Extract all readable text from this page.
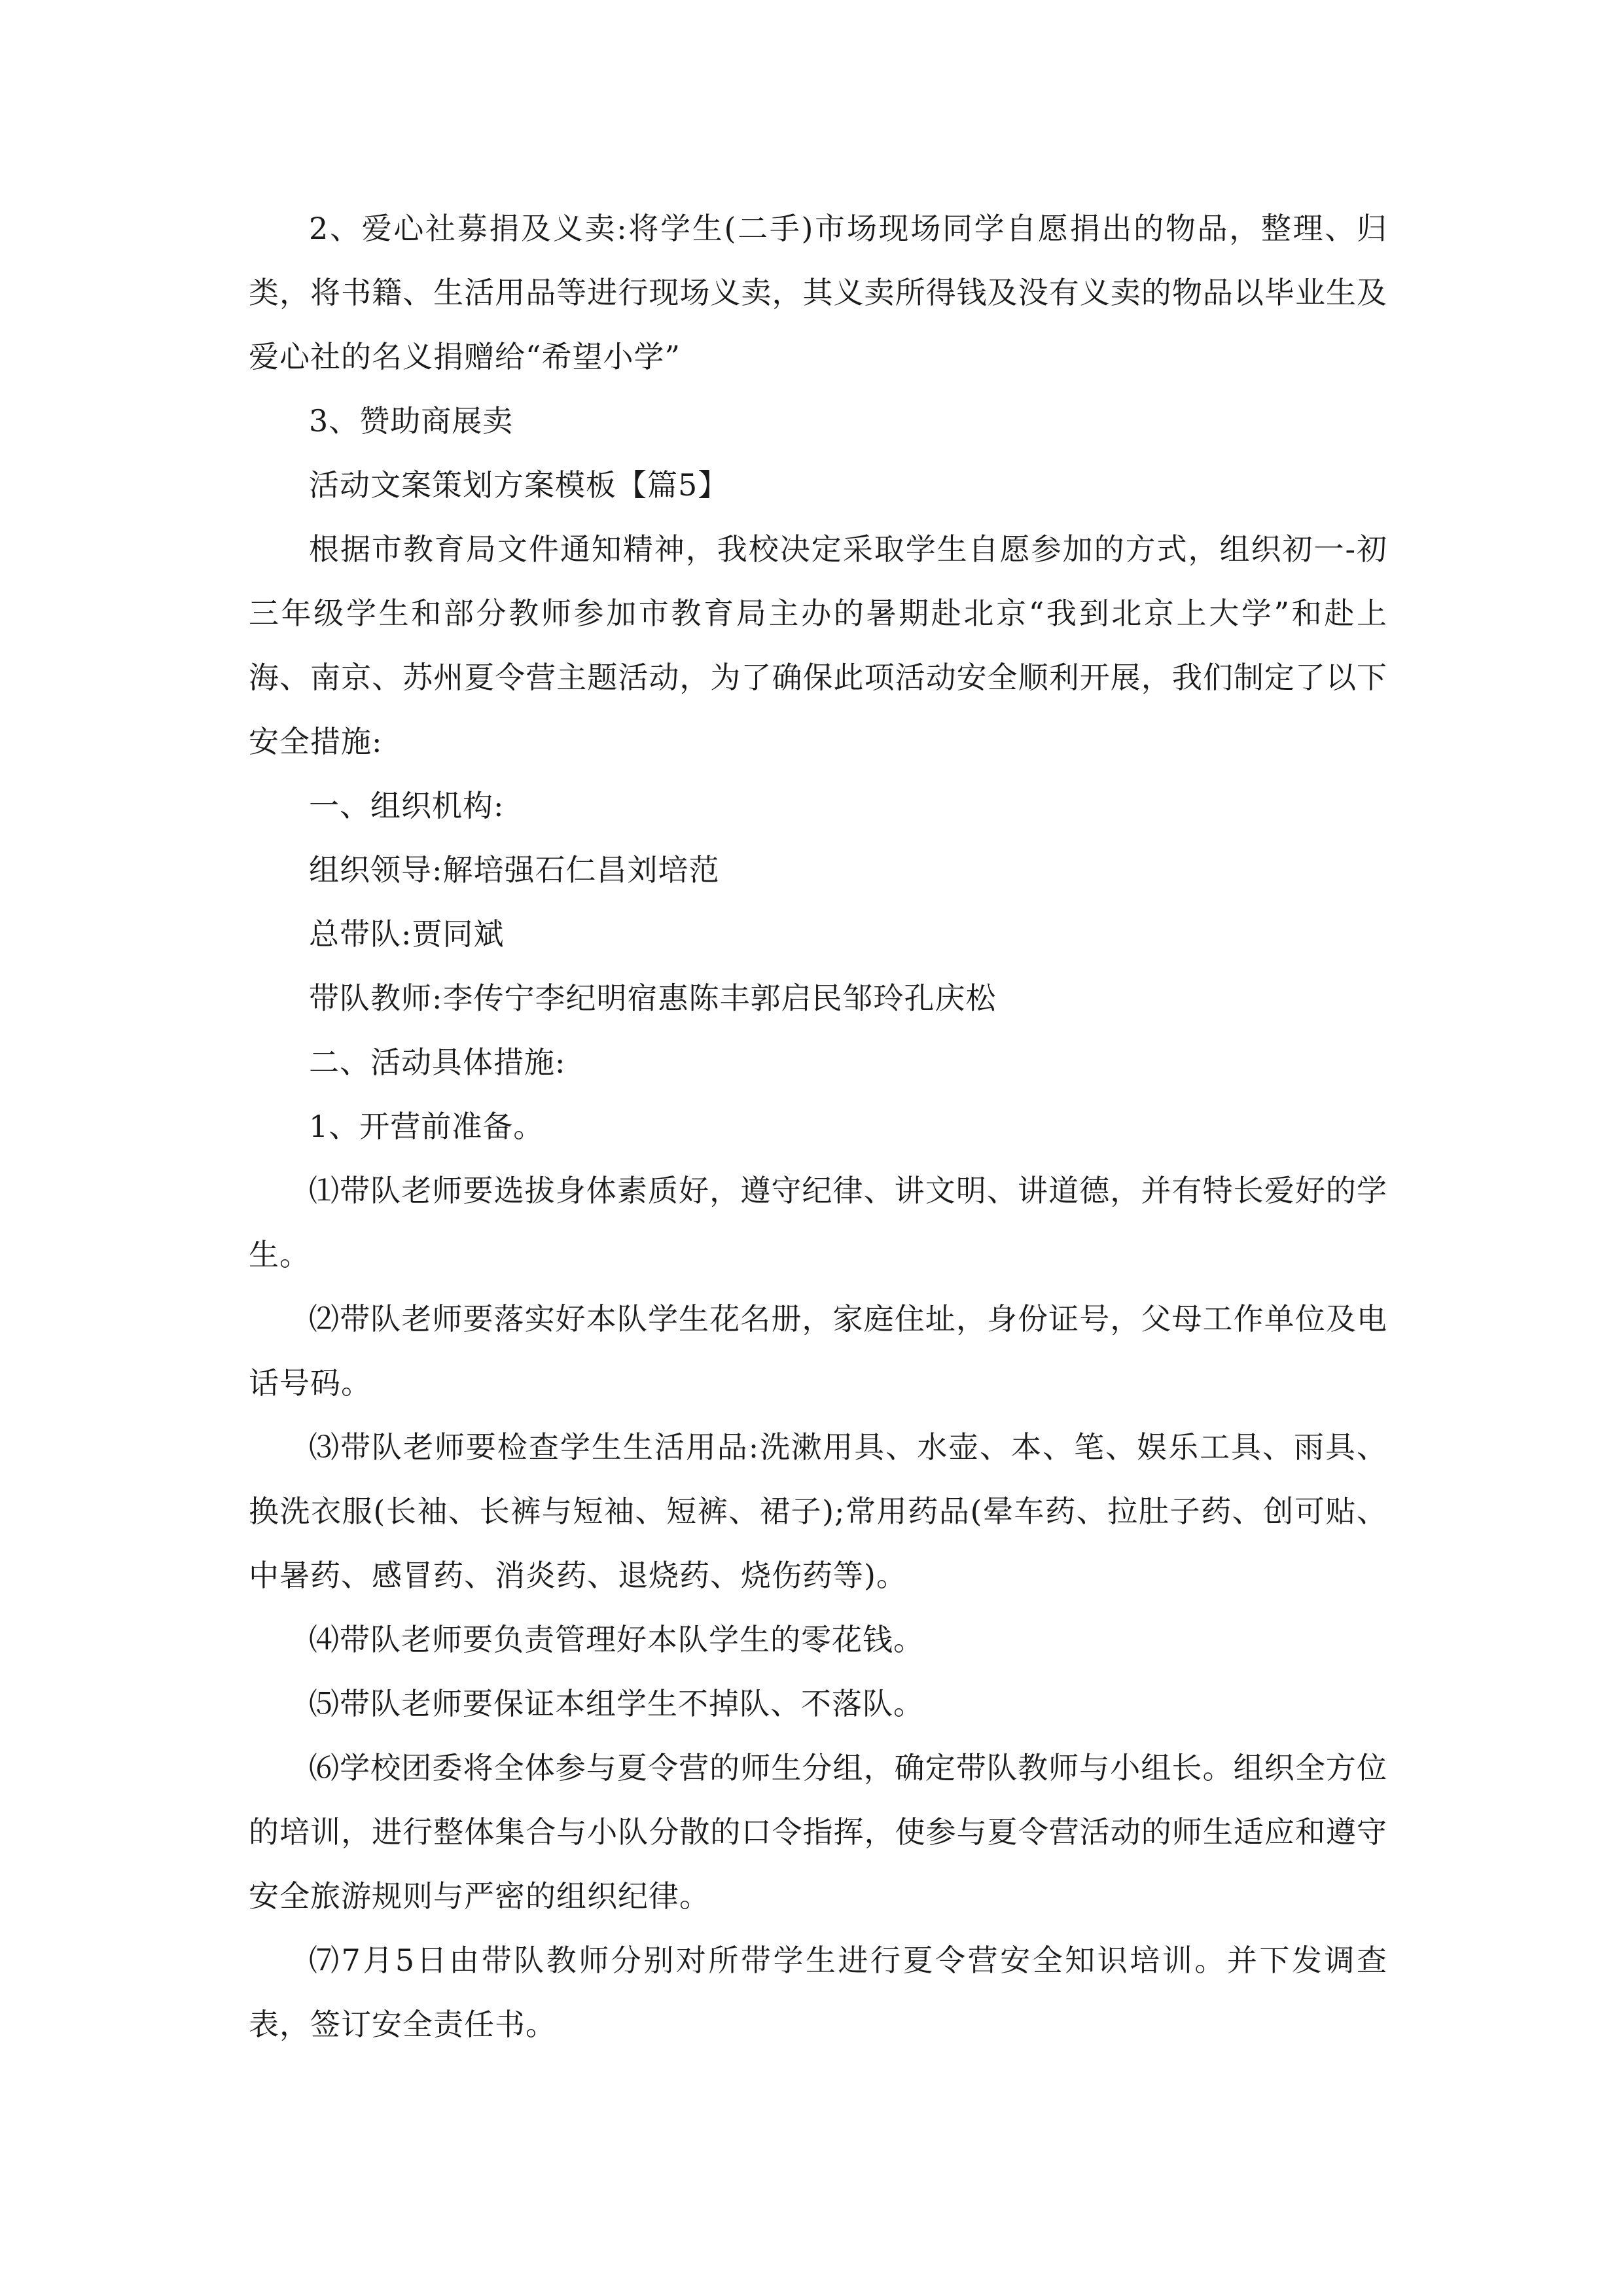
2、爱心社募捐及义卖:将学生(二手)市场现场同学自愿捐出的物品，整理、归类，将书籍、生活用品等进行现场义卖，其义卖所得钱及没有义卖的物品以毕业生及爱心社的名义捐赠给“希望小学”

3、赞助商展卖

活动文案策划方案模板【篇5】

根据市教育局文件通知精神，我校决定采取学生自愿参加的方式，组织初一-初三年级学生和部分教师参加市教育局主办的暑期赴北京“我到北京上大学”和赴上海、南京、苏州夏令营主题活动，为了确保此项活动安全顺利开展，我们制定了以下安全措施:

一、组织机构:

组织领导:解培强石仁昌刘培范

总带队:贾同斌

带队教师:李传宁李纪明宿惠陈丰郭启民邹玲孔庆松

二、活动具体措施:

1、开营前准备。

⑴带队老师要选拔身体素质好，遵守纪律、讲文明、讲道德，并有特长爱好的学生。

⑵带队老师要落实好本队学生花名册，家庭住址，身份证号，父母工作单位及电话号码。

⑶带队老师要检查学生生活用品:洗漱用具、水壶、本、笔、娱乐工具、雨具、换洗衣服(长袖、长裤与短袖、短裤、裙子);常用药品(晕车药、拉肚子药、创可贴、中暑药、感冒药、消炎药、退烧药、烧伤药等)。

⑷带队老师要负责管理好本队学生的零花钱。

⑸带队老师要保证本组学生不掉队、不落队。

⑹学校团委将全体参与夏令营的师生分组，确定带队教师与小组长。组织全方位的培训，进行整体集合与小队分散的口令指挥，使参与夏令营活动的师生适应和遵守安全旅游规则与严密的组织纪律。

⑺7月5日由带队教师分别对所带学生进行夏令营安全知识培训。并下发调查表，签订安全责任书。
